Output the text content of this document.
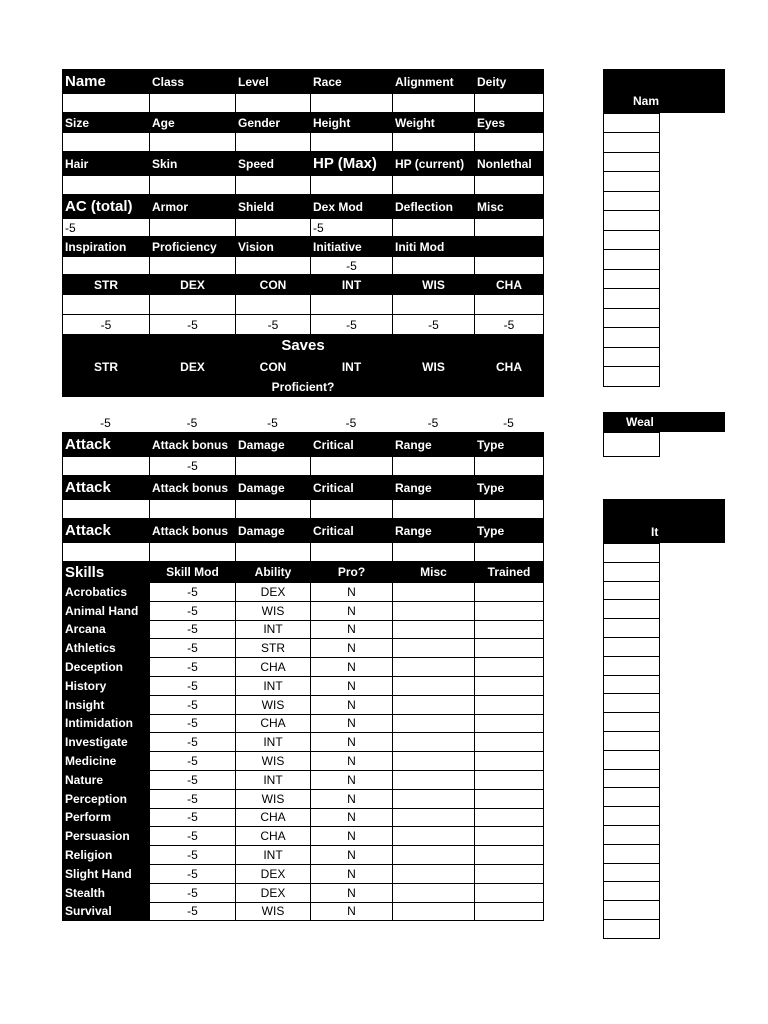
Name	Class	Level	Race	Alignment	Deity

Size	Age	Gender	Height	Weight	Eyes

Hair	Skin	Speed	HP (Max)	HP (current)	Nonlethal

AC (total)	Armor	Shield	Dex Mod	Deflection	Misc
-5			-5		
Inspiration	Proficiency	Vision	Initiative	Initi Mod	
			-5		
STR	DEX	CON	INT	WIS	CHA

-5	-5	-5	-5	-5	-5
Saves					
STR	DEX	CON	INT	WIS	CHA
Proficient?					
-5	-5	-5	-5	-5	-5
Attack	Attack bonus	Damage	Critical	Range	Type
	-5				
Attack	Attack bonus	Damage	Critical	Range	Type

Attack	Attack bonus	Damage	Critical	Range	Type

Skills	Skill Mod	Ability	Pro?	Misc	Trained
Acrobatics	-5	DEX	N		
Animal Hand	-5	WIS	N		
Arcana	-5	INT	N		
Athletics	-5	STR	N		
Deception	-5	CHA	N		
History	-5	INT	N		
Insight	-5	WIS	N		
Intimidation	-5	CHA	N		
Investigate	-5	INT	N		
Medicine	-5	WIS	N		
Nature	-5	INT	N		
Perception	-5	WIS	N		
Perform	-5	CHA	N		
Persuasion	-5	CHA	N		
Religion	-5	INT	N		
Slight Hand	-5	DEX	N		
Stealth	-5	DEX	N		
Survival	-5	WIS	N		
Nam

Weal
It
